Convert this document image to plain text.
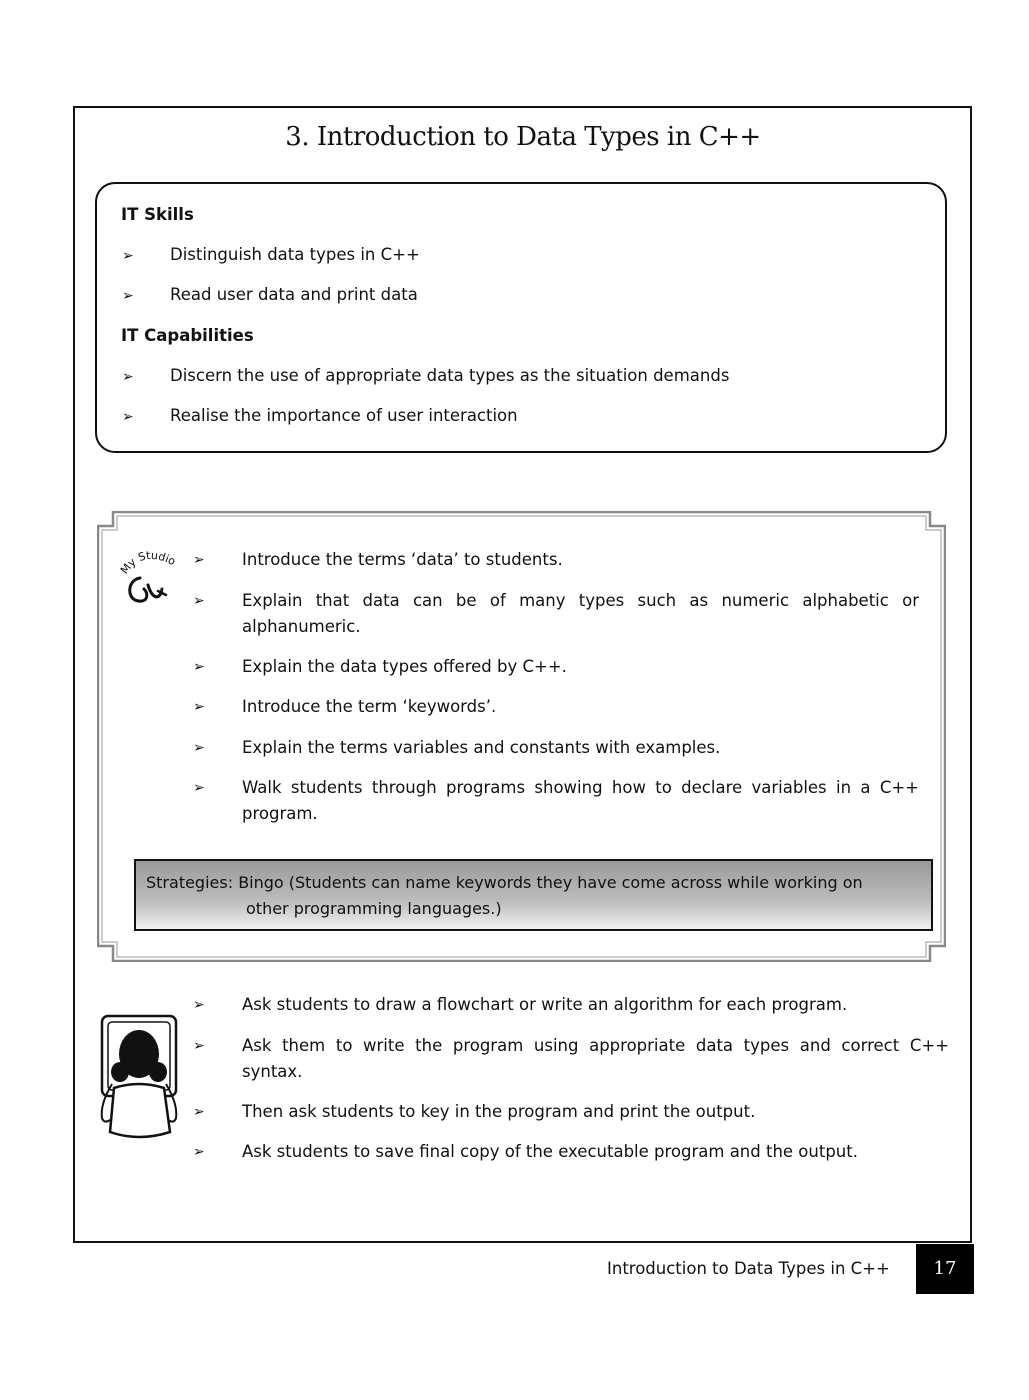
3. Introduction to Data Types in C++
IT Skills
➢ Distinguish data types in C++
➢ Read user data and print data
IT Capabilities
➢ Discern the use of appropriate data types as the situation demands
➢ Realise the importance of user interaction
My Studio ➢ Introduce the terms ‘data’ to students.
➢ Explain that data can be of many types such as numeric alphabetic or
alphanumeric.
➢ Explain the data types offered by C++.
➢ Introduce the term ‘keywords’.
➢ Explain the terms variables and constants with examples.
➢ Walk students through programs showing how to declare variables in a C++
program.
Strategies: Bingo (Students can name keywords they have come across while working on
other programming languages.)
➢ Ask students to draw a flowchart or write an algorithm for each program.
➢ Ask them to write the program using appropriate data types and correct C++
syntax.
➢ Then ask students to key in the program and print the output.
➢ Ask students to save final copy of the executable program and the output.
Introduction to Data Types in C++	17
